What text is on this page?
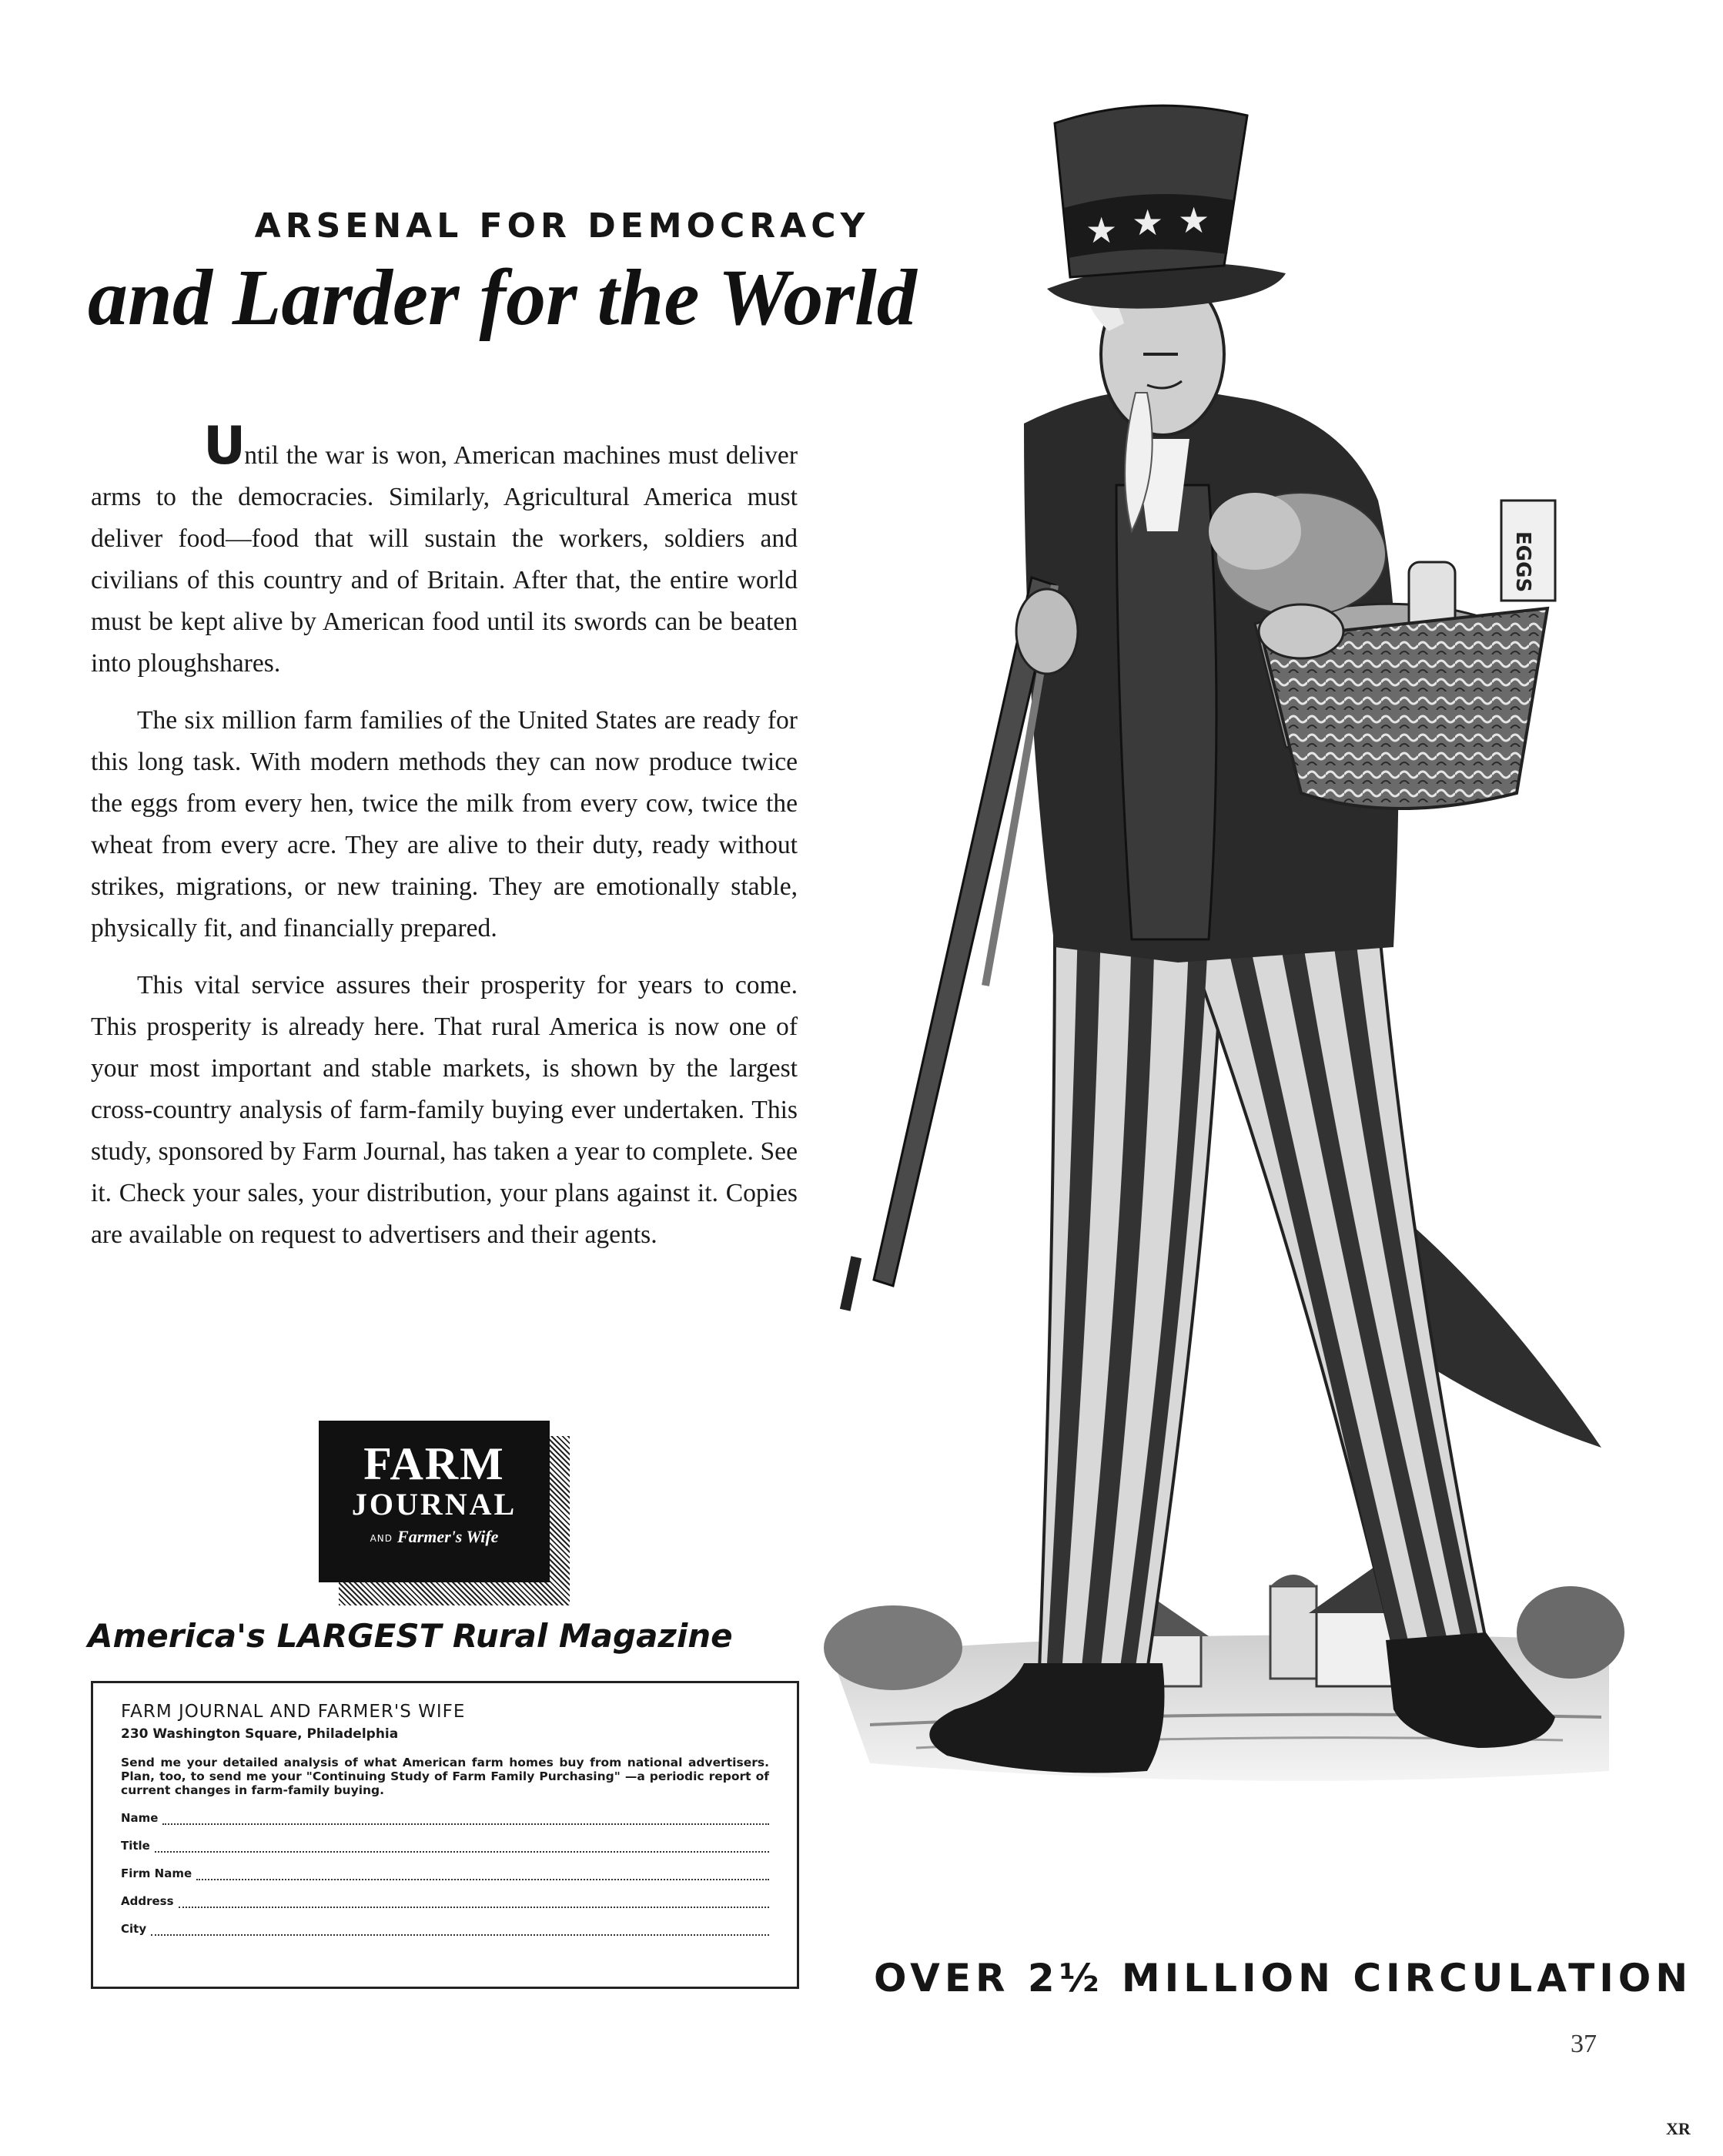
ARSENAL FOR DEMOCRACY
and Larder for the World

Until the war is won, American machines must deliver arms to the democracies. Similarly, Agricultural America must deliver food—food that will sustain the workers, soldiers and civilians of this country and of Britain. After that, the entire world must be kept alive by American food until its swords can be beaten into ploughshares.

The six million farm families of the United States are ready for this long task. With modern methods they can now produce twice the eggs from every hen, twice the milk from every cow, twice the wheat from every acre. They are alive to their duty, ready without strikes, migrations, or new training. They are emotionally stable, physically fit, and financially prepared.

This vital service assures their prosperity for years to come. This prosperity is already here. That rural America is now one of your most important and stable markets, is shown by the largest cross-country analysis of farm-family buying ever undertaken. This study, sponsored by Farm Journal, has taken a year to complete. See it. Check your sales, your distribution, your plans against it. Copies are available on request to advertisers and their agents.

FARM
JOURNAL
AND Farmer's Wife
America's LARGEST Rural Magazine
FARM JOURNAL AND FARMER'S WIFE
230 Washington Square, Philadelphia
Send me your detailed analysis of what American farm homes buy from national advertisers. Plan, too, to send me your "Continuing Study of Farm Family Purchasing" —a periodic report of current changes in farm-family buying.
Name
Title
Firm Name
Address
City
★ ★ ★
EGGS
OVER 2½ MILLION CIRCULATION
37
XR
